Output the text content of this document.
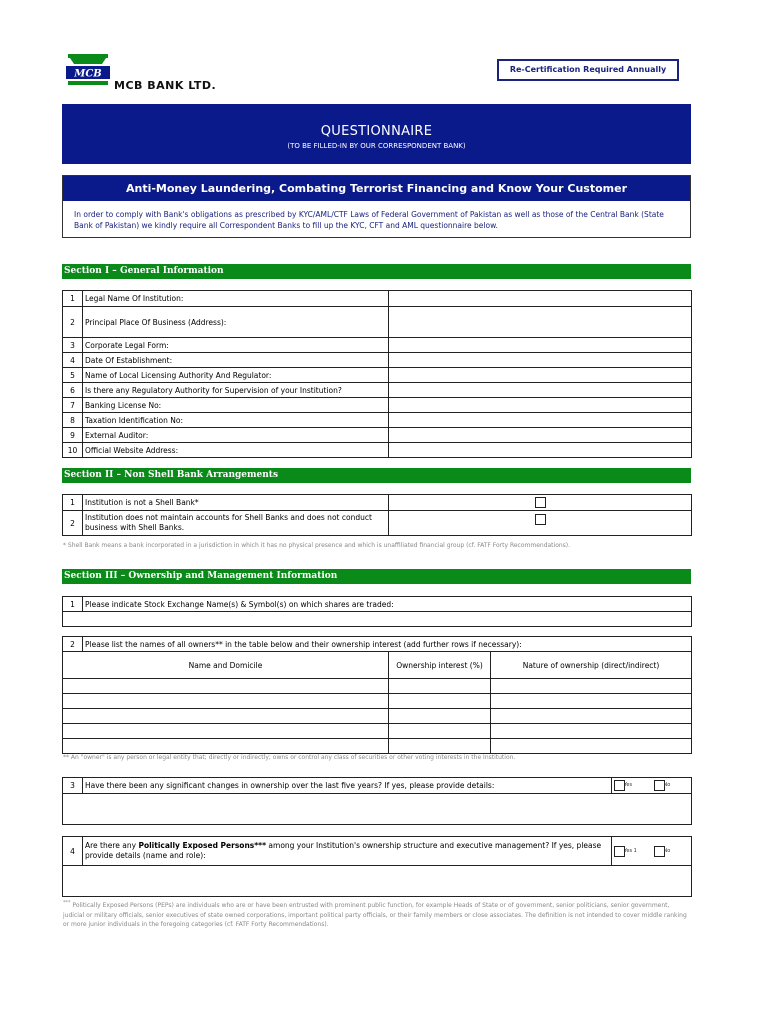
MCB
MCB BANK LTD.
Re-Certification Required Annually
QUESTIONNAIRE
(TO BE FILLED-IN BY OUR CORRESPONDENT BANK)
Anti-Money Laundering, Combating Terrorist Financing and Know Your Customer
In order to comply with Bank's obligations as prescribed by KYC/AML/CTF Laws of Federal Government of Pakistan as well as those of the Central Bank (State Bank of Pakistan) we kindly require all Correspondent Banks to fill up the KYC, CFT and AML questionnaire below.
Section I – General Information
1	Legal Name Of Institution:	
2	Principal Place Of Business (Address):	
3	Corporate Legal Form:	
4	Date Of Establishment:	
5	Name of Local Licensing Authority And Regulator:	
6	Is there any Regulatory Authority for Supervision of your Institution?	
7	Banking License No:	
8	Taxation Identification No:	
9	External Auditor:	
10	Official Website Address:	
Section II – Non Shell Bank Arrangements
1	Institution is not a Shell Bank*	
2	Institution does not maintain accounts for Shell Banks and does not conduct business with Shell Banks.	
* Shell Bank means a bank incorporated in a jurisdiction in which it has no physical presence and which is unaffiliated financial group (cf. FATF Forty Recommendations).
Section III – Ownership and Management Information
1	Please indicate Stock Exchange Name(s) & Symbol(s) on which shares are traded:

2	Please list the names of all owners** in the table below and their ownership interest (add further rows if necessary):		
Name and Domicile		Ownership interest (%)	Nature of ownership (direct/indirect)

** An "owner" is any person or legal entity that; directly or indirectly; owns or control any class of securities or other voting interests in the Institution.
3	Have there been any significant changes in ownership over the last five years? If yes, please provide details:	Yes	No

4	Are there any Politically Exposed Persons*** among your Institution's ownership structure and executive management? If yes, please provide details (name and role):	Yes 1	No

*** Politically Exposed Persons (PEPs) are individuals who are or have been entrusted with prominent public function, for example Heads of State or of government, senior politicians, senior government, judicial or military officials, senior executives of state owned corporations, important political party officials, or their family members or close associates. The definition is not intended to cover middle ranking or more junior individuals in the foregoing categories (cf. FATF Forty Recommendations).
